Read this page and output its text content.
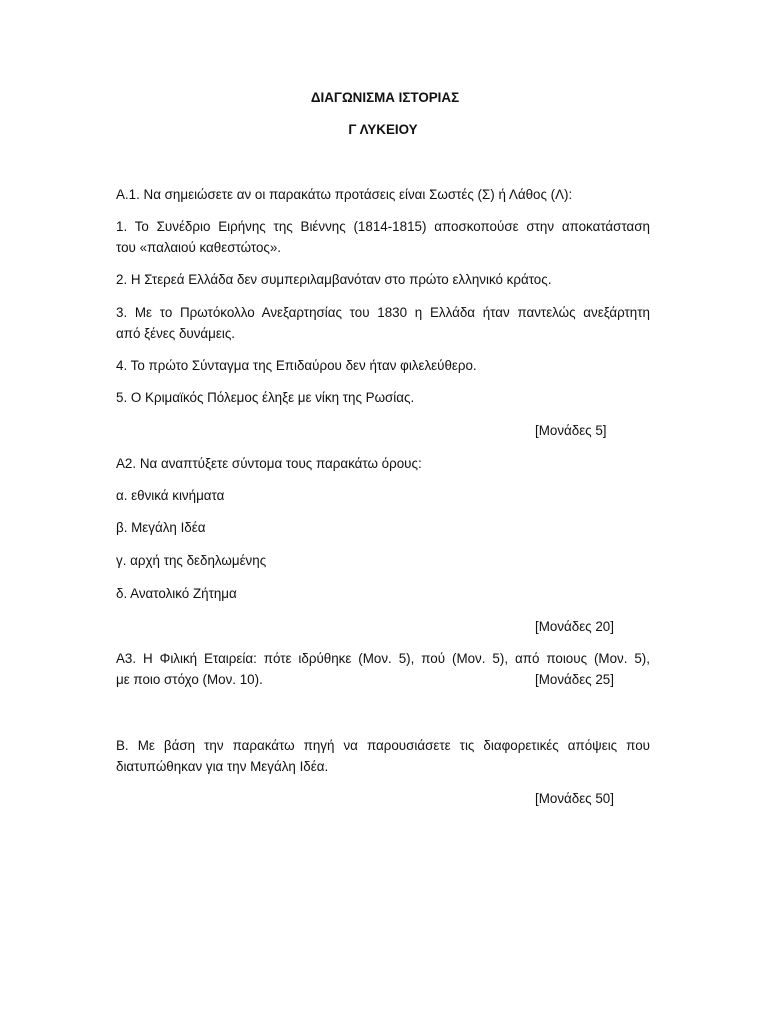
ΔΙΑΓΩΝΙΣΜΑ ΙΣΤΟΡΙΑΣ
Γ ΛΥΚΕΙΟΥ
Α.1. Να σημειώσετε αν οι παρακάτω προτάσεις είναι Σωστές (Σ) ή Λάθος (Λ):
1. Το Συνέδριο Ειρήνης της Βιέννης (1814-1815) αποσκοπούσε στην αποκατάσταση
του «παλαιού καθεστώτος».
2. Η Στερεά Ελλάδα δεν συμπεριλαμβανόταν στο πρώτο ελληνικό κράτος.
3. Με το Πρωτόκολλο Ανεξαρτησίας του 1830 η Ελλάδα ήταν παντελώς ανεξάρτητη
από ξένες δυνάμεις.
4. Το πρώτο Σύνταγμα της Επιδαύρου δεν ήταν φιλελεύθερο.
5. Ο Κριμαϊκός Πόλεμος έληξε με νίκη της Ρωσίας.
[Μονάδες 5]
Α2. Να αναπτύξετε σύντομα τους παρακάτω όρους:
α. εθνικά κινήματα
β. Μεγάλη Ιδέα
γ. αρχή της δεδηλωμένης
δ. Ανατολικό Ζήτημα
[Μονάδες 20]
Α3. Η Φιλική Εταιρεία: πότε ιδρύθηκε (Μον. 5), πού (Μον. 5), από ποιους (Μον. 5),
με ποιο στόχο (Μον. 10).	[Μονάδες 25]
Β. Με βάση την παρακάτω πηγή να παρουσιάσετε τις διαφορετικές απόψεις που
διατυπώθηκαν για την Μεγάλη Ιδέα.
[Μονάδες 50]
